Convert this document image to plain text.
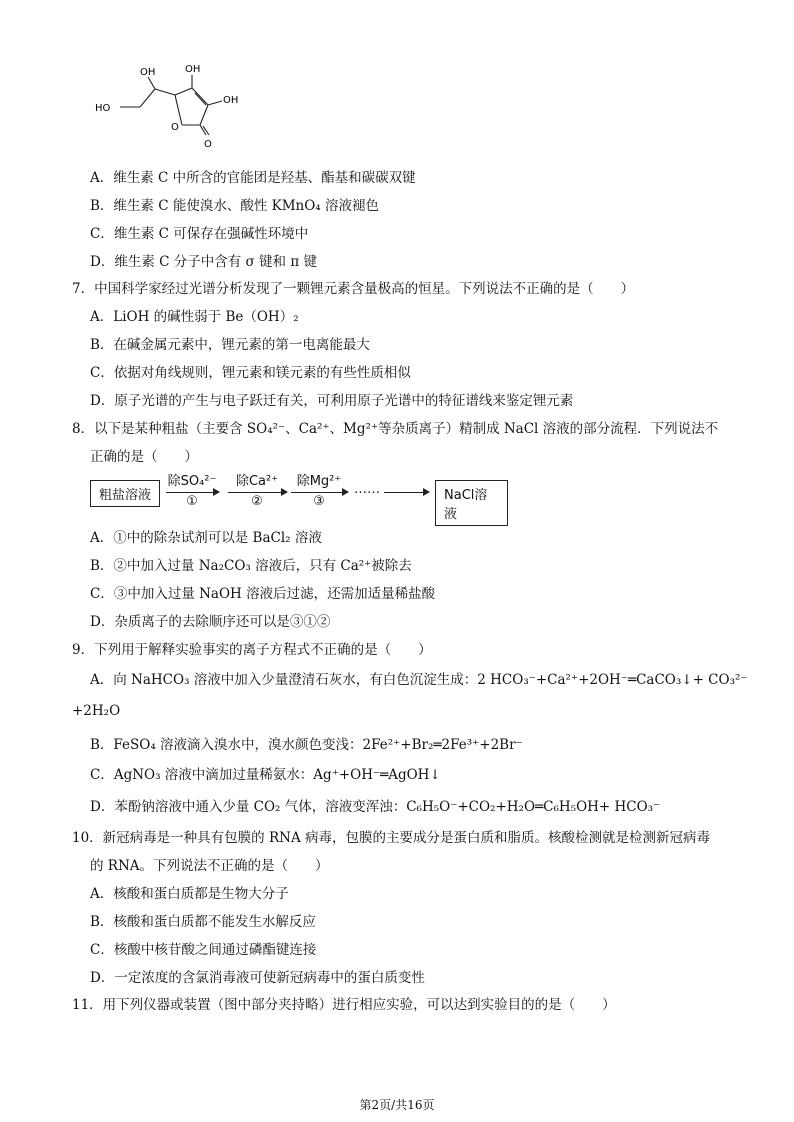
OH	OH
HO
OH
O
O
A．维生素 C 中所含的官能团是羟基、酯基和碳碳双键
B．维生素 C 能使溴水、酸性 KMnO₄ 溶液褪色
C．维生素 C 可保存在强碱性环境中
D．维生素 C 分子中含有 σ 键和 π 键
7．中国科学家经过光谱分析发现了一颗锂元素含量极高的恒星。下列说法不正确的是（　　）
A．LiOH 的碱性弱于 Be（OH）₂
B．在碱金属元素中，锂元素的第一电离能最大
C．依据对角线规则，锂元素和镁元素的有些性质相似
D．原子光谱的产生与电子跃迁有关，可利用原子光谱中的特征谱线来鉴定锂元素
8．以下是某种粗盐（主要含 SO₄²⁻、Ca²⁺、Mg²⁺等杂质离子）精制成 NaCl 溶液的部分流程．下列说法不
正确的是（　　）
粗盐溶液
除SO₄²⁻
①
除Ca²⁺
②
除Mg²⁺
③
……	NaCl溶液
A．①中的除杂试剂可以是 BaCl₂ 溶液
B．②中加入过量 Na₂CO₃ 溶液后，只有 Ca²⁺被除去
C．③中加入过量 NaOH 溶液后过滤，还需加适量稀盐酸
D．杂质离子的去除顺序还可以是③①②
9．下列用于解释实验事实的离子方程式不正确的是（　　）
A．向 NaHCO₃ 溶液中加入少量澄清石灰水，有白色沉淀生成：2 HCO₃⁻+Ca²⁺+2OH⁻═CaCO₃↓+ CO₃²⁻
+2H₂O
B．FeSO₄ 溶液滴入溴水中，溴水颜色变浅：2Fe²⁺+Br₂═2Fe³⁺+2Br⁻
C．AgNO₃ 溶液中滴加过量稀氨水：Ag⁺+OH⁻═AgOH↓
D．苯酚钠溶液中通入少量 CO₂ 气体，溶液变浑浊：C₆H₅O⁻+CO₂+H₂O═C₆H₅OH+ HCO₃⁻
10．新冠病毒是一种具有包膜的 RNA 病毒，包膜的主要成分是蛋白质和脂质。核酸检测就是检测新冠病毒
的 RNA。下列说法不正确的是（　　）
A．核酸和蛋白质都是生物大分子
B．核酸和蛋白质都不能发生水解反应
C．核酸中核苷酸之间通过磷酯键连接
D．一定浓度的含氯消毒液可使新冠病毒中的蛋白质变性
11．用下列仪器或装置（图中部分夹持略）进行相应实验，可以达到实验目的的是（　　）
第2页/共16页
